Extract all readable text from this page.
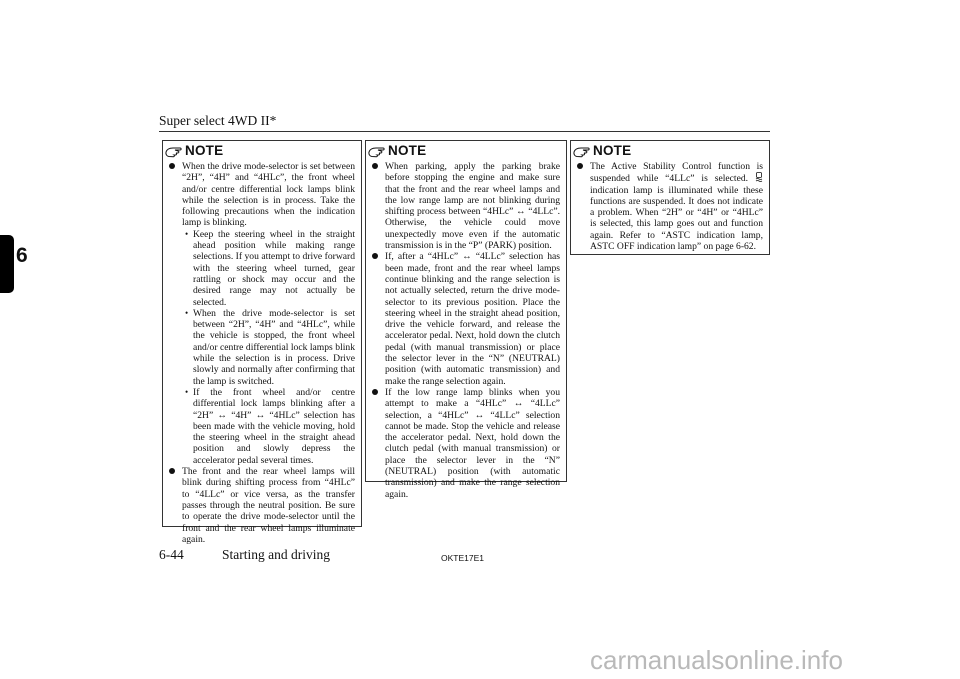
Super select 4WD II*
6
NOTE
When the drive mode-selector is set between “2H”, “4H” and “4HLc”, the front wheel and/or centre differential lock lamps blink while the selection is in process. Take the following precautions when the indication lamp is blinking.
• Keep the steering wheel in the straight ahead position while making range selections. If you attempt to drive forward with the steering wheel turned, gear rattling or shock may occur and the desired range may not actually be selected.
• When the drive mode-selector is set between “2H”, “4H” and “4HLc”, while the vehicle is stopped, the front wheel and/or centre differential lock lamps blink while the selection is in process. Drive slowly and normally after confirming that the lamp is switched.
• If the front wheel and/or centre differential lock lamps blinking after a “2H” ↔ “4H” ↔ “4HLc” selection has been made with the vehicle moving, hold the steering wheel in the straight ahead position and slowly depress the accelerator pedal several times.
The front and the rear wheel lamps will blink during shifting process from “4HLc” to “4LLc” or vice versa, as the transfer passes through the neutral position. Be sure to operate the drive mode-selector until the front and the rear wheel lamps illuminate again.
NOTE
When parking, apply the parking brake before stopping the engine and make sure that the front and the rear wheel lamps and the low range lamp are not blinking during shifting process between “4HLc” ↔ “4LLc”. Otherwise, the vehicle could move unexpectedly move even if the automatic transmission is in the “P” (PARK) position.
If, after a “4HLc” ↔ “4LLc” selection has been made, front and the rear wheel lamps continue blinking and the range selection is not actually selected, return the drive mode-selector to its previous position. Place the steering wheel in the straight ahead position, drive the vehicle forward, and release the accelerator pedal. Next, hold down the clutch pedal (with manual transmission) or place the selector lever in the “N” (NEUTRAL) position (with automatic transmission) and make the range selection again.
If the low range lamp blinks when you attempt to make a “4HLc” ↔ “4LLc” selection, a “4HLc” ↔ “4LLc” selection cannot be made. Stop the vehicle and release the accelerator pedal. Next, hold down the clutch pedal (with manual transmission) or place the selector lever in the “N” (NEUTRAL) position (with automatic transmission) and make the range selection again.
NOTE
The Active Stability Control function is suspended while “4LLc” is selected.  indication lamp is illuminated while these functions are suspended. It does not indicate a problem. When “2H” or “4H” or “4HLc” is selected, this lamp goes out and function again. Refer to “ASTC indication lamp, ASTC OFF indication lamp” on page 6-62.
6-44	Starting and driving	OKTE17E1
carmanualsonline.info
